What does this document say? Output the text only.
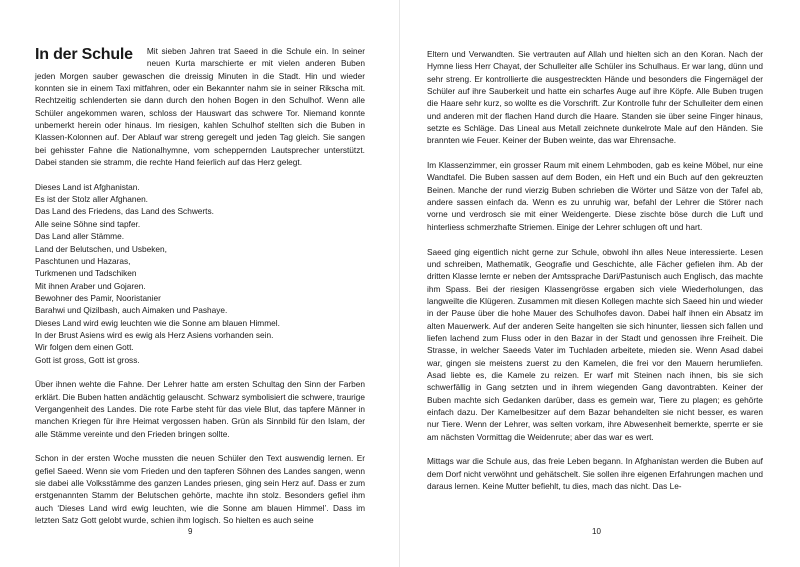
In der Schule	Mit sieben Jahren trat Saeed in die Schule ein. In seiner neuen Kurta marschierte er mit vielen anderen Buben jeden Morgen sauber gewaschen die dreissig Minuten in die Stadt. Hin und wieder konnten sie in einem Taxi mitfahren, oder ein Bekannter nahm sie in seiner Rikscha mit. Rechtzeitig schlenderten sie dann durch den hohen Bogen in den Schulhof. Wenn alle Schüler angekommen waren, schloss der Hauswart das schwere Tor. Niemand konnte unbemerkt herein oder hinaus. Im riesigen, kahlen Schulhof stellten sich die Buben in Klassen-Kolonnen auf. Der Ablauf war streng geregelt und jeden Tag gleich. Sie sangen bei gehisster Fahne die Nationalhymne, vom scheppernden Lautsprecher unterstützt. Dabei standen sie stramm, die rechte Hand feierlich auf das Herz gelegt.

Dieses Land ist Afghanistan.
Es ist der Stolz aller Afghanen.
Das Land des Friedens, das Land des Schwerts.
Alle seine Söhne sind tapfer.
Das Land aller Stämme.
Land der Belutschen, und Usbeken,
Paschtunen und Hazaras,
Turkmenen und Tadschiken
Mit ihnen Araber und Gojaren.
Bewohner des Pamir, Nooristanier
Barahwi und Qizilbash, auch Aimaken und Pashaye.
Dieses Land wird ewig leuchten wie die Sonne am blauen Himmel.
In der Brust Asiens wird es ewig als Herz Asiens vorhanden sein.
Wir folgen dem einen Gott.
Gott ist gross, Gott ist gross.

Über ihnen wehte die Fahne. Der Lehrer hatte am ersten Schultag den Sinn der Farben erklärt. Die Buben hatten andächtig gelauscht. Schwarz symbolisiert die schwere, traurige Vergangenheit des Landes. Die rote Farbe steht für das viele Blut, das tapfere Männer in manchen Kriegen für ihre Heimat vergossen haben. Grün als Sinnbild für den Islam, der alle Stämme vereinte und den Frieden bringen sollte.

Schon in der ersten Woche mussten die neuen Schüler den Text auswendig lernen. Er gefiel Saeed. Wenn sie vom Frieden und den tapferen Söhnen des Landes sangen, wenn sie dabei alle Volksstämme des ganzen Landes priesen, ging sein Herz auf. Dass er zum erstgenannten Stamm der Belutschen gehörte, machte ihn stolz. Besonders gefiel ihm auch ‘Dieses Land wird ewig leuchten, wie die Sonne am blauen Himmel’. Dass im letzten Satz Gott gelobt wurde, schien ihm logisch. So hielten es auch seine

9

Eltern und Verwandten. Sie vertrauten auf Allah und hielten sich an den Koran. Nach der Hymne liess Herr Chayat, der Schulleiter alle Schüler ins Schulhaus. Er war lang, dünn und sehr streng. Er kontrollierte die ausgestreckten Hände und besonders die Fingernägel der Schüler auf ihre Sauberkeit und hatte ein scharfes Auge auf ihre Köpfe. Alle Buben trugen die Haare sehr kurz, so wollte es die Vorschrift. Zur Kontrolle fuhr der Schulleiter dem einen und anderen mit der flachen Hand durch die Haare. Standen sie über seine Finger hinaus, setzte es Schläge. Das Lineal aus Metall zeichnete dunkelrote Male auf den Händen. Sie brannten wie Feuer. Keiner der Buben weinte, das war Ehrensache.

Im Klassenzimmer, ein grosser Raum mit einem Lehmboden, gab es keine Möbel, nur eine Wandtafel. Die Buben sassen auf dem Boden, ein Heft und ein Buch auf den gekreuzten Beinen. Manche der rund vierzig Buben schrieben die Wörter und Sätze von der Tafel ab, andere sassen einfach da. Wenn es zu unruhig war, befahl der Lehrer die Störer nach vorne und verdrosch sie mit einer Weidengerte. Diese zischte böse durch die Luft und hinterliess schmerzhafte Striemen. Einige der Lehrer schlugen oft und hart.

Saeed ging eigentlich nicht gerne zur Schule, obwohl ihn alles Neue interessierte. Lesen und schreiben, Mathematik, Geografie und Geschichte, alle Fächer gefielen ihm. Ab der dritten Klasse lernte er neben der Amtssprache Dari/Pastunisch auch Englisch, das machte ihm Spass. Bei der riesigen Klassengrösse ergaben sich viele Wiederholungen, das langweilte die Klügeren. Zusammen mit diesen Kollegen machte sich Saeed hin und wieder in der Pause über die hohe Mauer des Schulhofes davon. Dabei half ihnen ein Absatz im alten Mauerwerk. Auf der anderen Seite hangelten sie sich hinunter, liessen sich fallen und liefen lachend zum Fluss oder in den Bazar in der Stadt und genossen ihre Freiheit. Die Strasse, in welcher Saeeds Vater im Tuchladen arbeitete, mieden sie. Wenn Asad dabei war, gingen sie meistens zuerst zu den Kamelen, die frei vor den Mauern herumliefen. Asad liebte es, die Kamele zu reizen. Er warf mit Steinen nach ihnen, bis sie sich schwerfällig in Gang setzten und in ihrem wiegenden Gang davontrabten. Keiner der Buben machte sich Gedanken darüber, dass es gemein war, Tiere zu plagen; es gehörte einfach dazu. Der Kamelbesitzer auf dem Bazar behandelten sie nicht besser, es waren nur Tiere. Wenn der Lehrer, was selten vorkam, ihre Abwesenheit bemerkte, sperrte er sie am nächsten Vormittag die Weidenrute; aber das war es wert.

Mittags war die Schule aus, das freie Leben begann. In Afghanistan werden die Buben auf dem Dorf nicht verwöhnt und gehätschelt. Sie sollen ihre eigenen Erfahrungen machen und daraus lernen. Keine Mutter befiehlt, tu dies, mach das nicht. Das Le-

10
